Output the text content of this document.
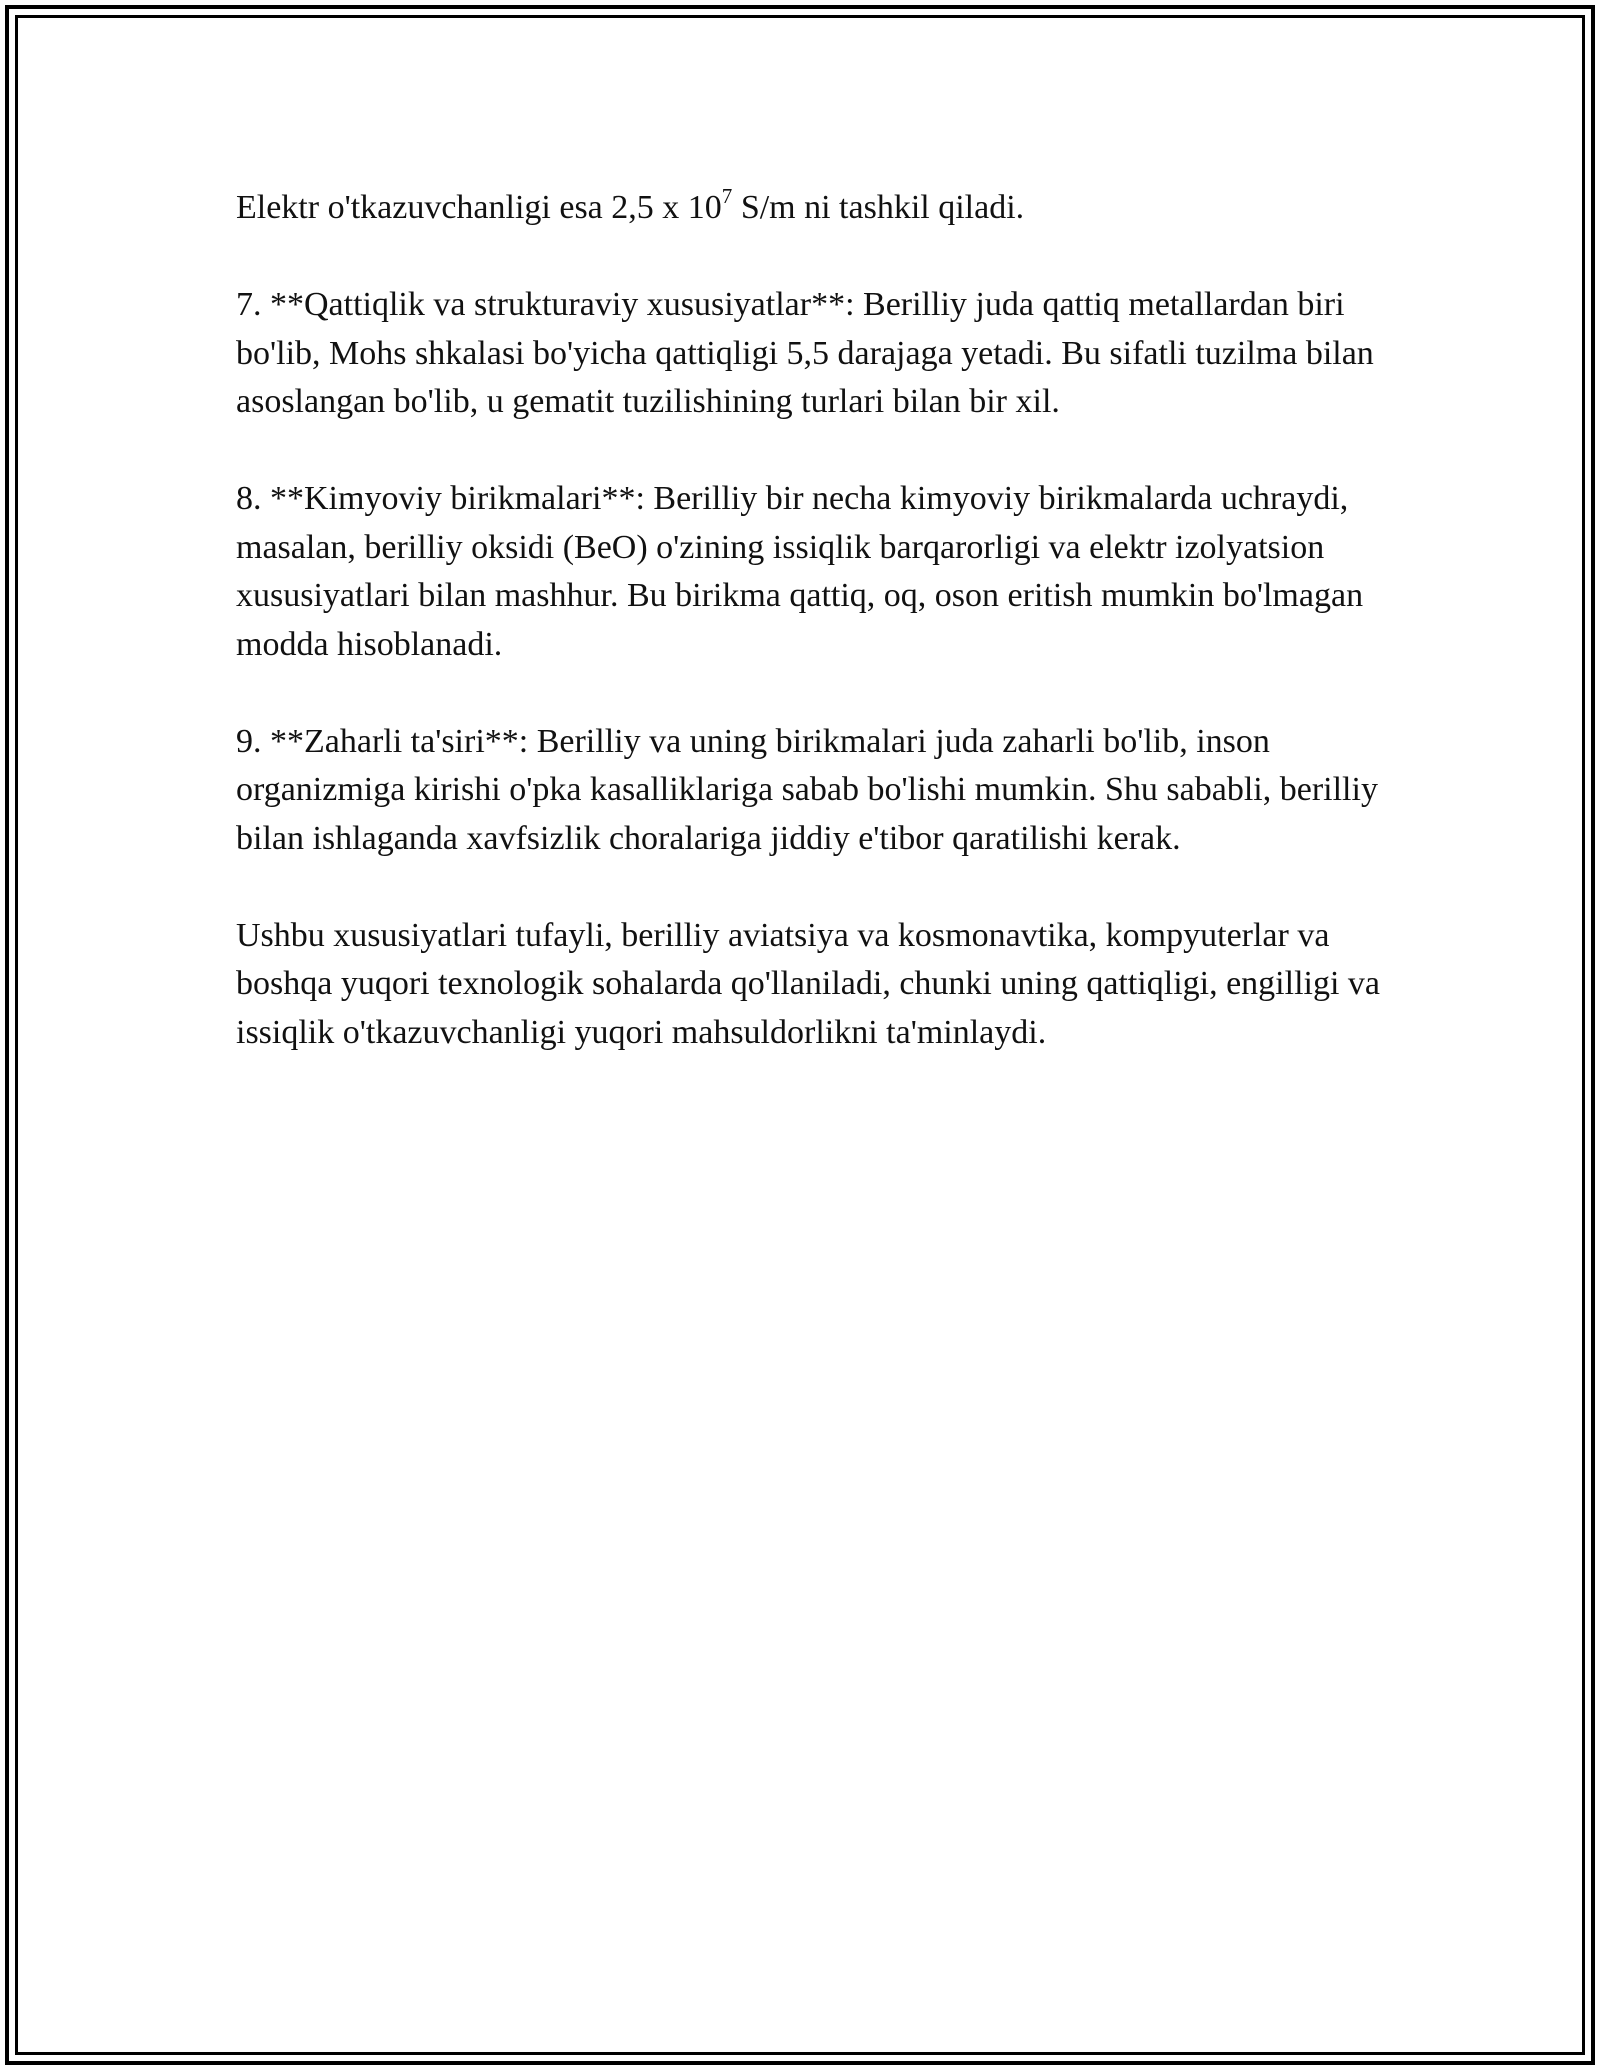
Elektr o'tkazuvchanligi esa 2,5 x $10^7$ S/m ni tashkil qiladi.

7. **Qattiqlik va strukturaviy xususiyatlar**: Berilliy juda qattiq metallardan biri bo'lib, Mohs shkalasi bo'yicha qattiqligi 5,5 darajaga yetadi. Bu sifatli tuzilma bilan asoslangan bo'lib, u gematit tuzilishining turlari bilan bir xil.

8. **Kimyoviy birikmalari**: Berilliy bir necha kimyoviy birikmalarda uchraydi, masalan, berilliy oksidi (BeO) o'zining issiqlik barqarorligi va elektr izolyatsion xususiyatlari bilan mashhur. Bu birikma qattiq, oq, oson eritish mumkin bo'lmagan modda hisoblanadi.

9. **Zaharli ta'siri**: Berilliy va uning birikmalari juda zaharli bo'lib, inson organizmiga kirishi o'pka kasalliklariga sabab bo'lishi mumkin. Shu sababli, berilliy bilan ishlaganda xavfsizlik choralariga jiddiy e'tibor qaratilishi kerak.

Ushbu xususiyatlari tufayli, berilliy aviatsiya va kosmonavtika, kompyuterlar va boshqa yuqori texnologik sohalarda qo'llaniladi, chunki uning qattiqligi, engilligi va issiqlik o'tkazuvchanligi yuqori mahsuldorlikni ta'minlaydi.
